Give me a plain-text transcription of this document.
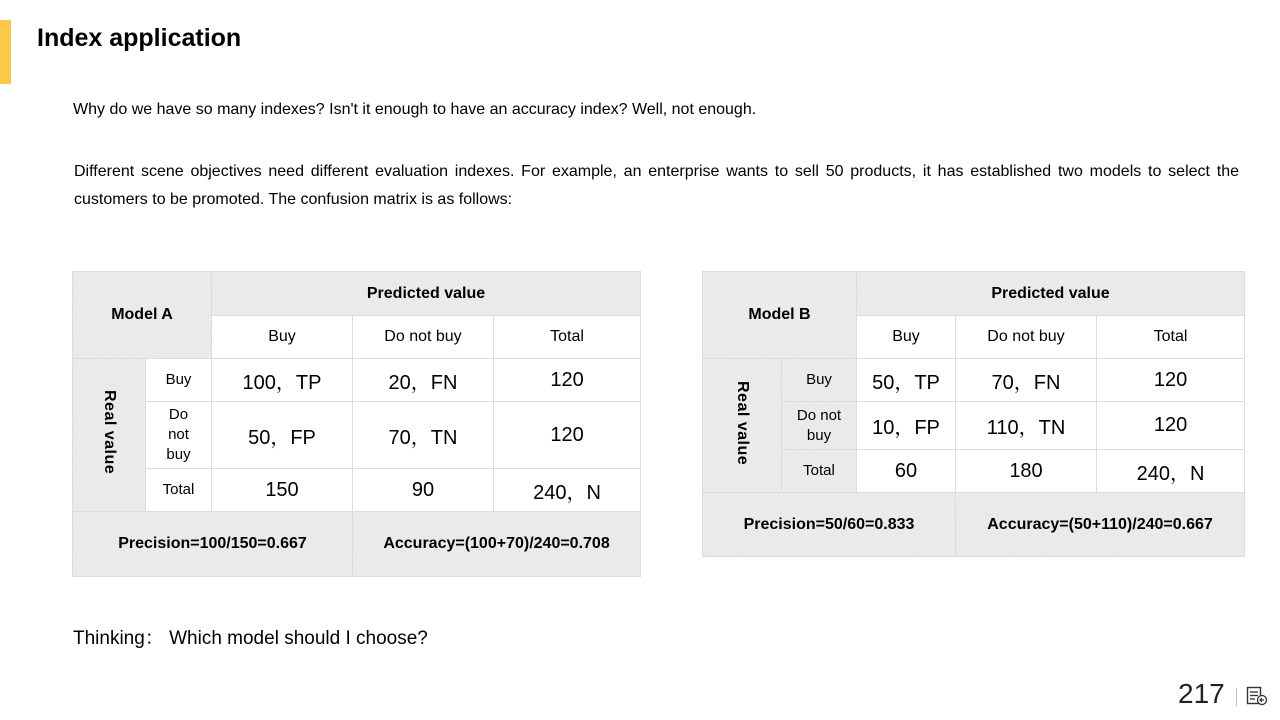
Index application
Why do we have so many indexes? Isn't it enough to have an accuracy index? Well, not enough.
Different scene objectives need different evaluation indexes. For example, an enterprise wants to sell 50 products, it has established two models to select the customers to be promoted. The confusion matrix is as follows:
Model A		Predicted value		
		Buy	Do not buy	Total
Real value	Buy	100，TP	20，FN	120

	Do not buy	50，FP	70，TN	120
	Total	150	90	240，N
Precision=100/150=0.667			Accuracy=(100+70)/240=0.708	
Model B		Predicted value		
		Buy	Do not buy	Total
Real value	Buy	50，TP	70，FN	120

	Do not buy	10，FP	110，TN	120
	Total	60	180	240，N
Precision=50/60=0.833			Accuracy=(50+110)/240=0.667	
Thinking： Which model should I choose?
217
